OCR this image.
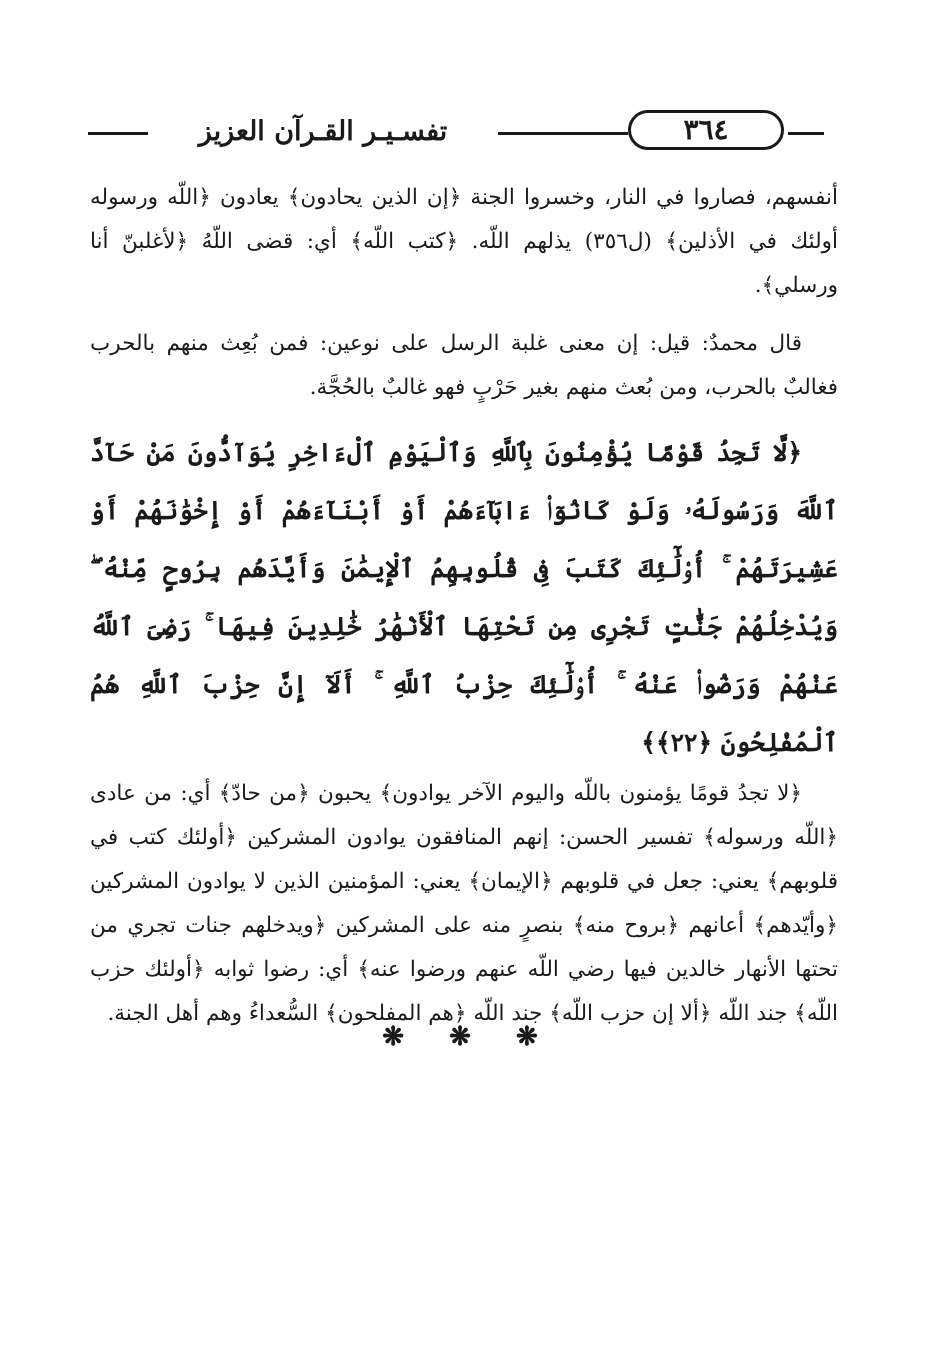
٣٦٤
تفسـيـر القـرآن العزيز

أنفسهم، فصاروا في النار، وخسروا الجنة ﴿إن الذين يحادون﴾ يعادون ﴿اللّه ورسوله أولئك في الأذلين﴾ (ل٣٥٦) يذلهم اللّه. ﴿كتب اللّه﴾ أي: قضى اللّهُ ﴿لأغلبنّ أنا ورسلي﴾.

قال محمدٌ: قيل: إن معنى غلبة الرسل على نوعين: فمن بُعِث منهم بالحرب فغالبٌ بالحرب، ومن بُعث منهم بغير حَرْبٍ فهو غالبٌ بالحُجَّة.

﴿لَّا تَجِدُ قَوْمًا يُؤْمِنُونَ بِٱللَّهِ وَٱلْيَوْمِ ٱلْءَاخِرِ يُوَآدُّونَ مَنْ حَآدَّ ٱللَّهَ وَرَسُولَهُۥ وَلَوْ كَانُوٓا۟ ءَابَآءَهُمْ أَوْ أَبْنَآءَهُمْ أَوْ إِخْوَٰنَهُمْ أَوْ عَشِيرَتَهُمْ ۚ أُو۟لَٰٓئِكَ كَتَبَ فِى قُلُوبِهِمُ ٱلْإِيمَٰنَ وَأَيَّدَهُم بِرُوحٍ مِّنْهُ ۖ وَيُدْخِلُهُمْ جَنَّٰتٍ تَجْرِى مِن تَحْتِهَا ٱلْأَنْهَٰرُ خَٰلِدِينَ فِيهَا ۚ رَضِىَ ٱللَّهُ عَنْهُمْ وَرَضُوا۟ عَنْهُ ۚ أُو۟لَٰٓئِكَ حِزْبُ ٱللَّهِ ۚ أَلَآ إِنَّ حِزْبَ ٱللَّهِ هُمُ ٱلْمُفْلِحُونَ ﴿٢٢﴾﴾

﴿لا تجدُ قومًا يؤمنون باللّه واليوم الآخر يوادون﴾ يحبون ﴿من حادّ﴾ أي: من عادى ﴿اللّه ورسوله﴾ تفسير الحسن: إنهم المنافقون يوادون المشركين ﴿أولئك كتب في قلوبهم﴾ يعني: جعل في قلوبهم ﴿الإيمان﴾ يعني: المؤمنين الذين لا يوادون المشركين ﴿وأيّدهم﴾ أعانهم ﴿بروح منه﴾ بنصرٍ منه على المشركين ﴿ويدخلهم جنات تجري من تحتها الأنهار خالدين فيها رضي اللّه عنهم ورضوا عنه﴾ أي: رضوا ثوابه ﴿أولئك حزب اللّه﴾ جند اللّه ﴿ألا إن حزب اللّه﴾ جند اللّه ﴿هم المفلحون﴾ السُّعداءُ وهم أهل الجنة.

❋ ❋ ❋
